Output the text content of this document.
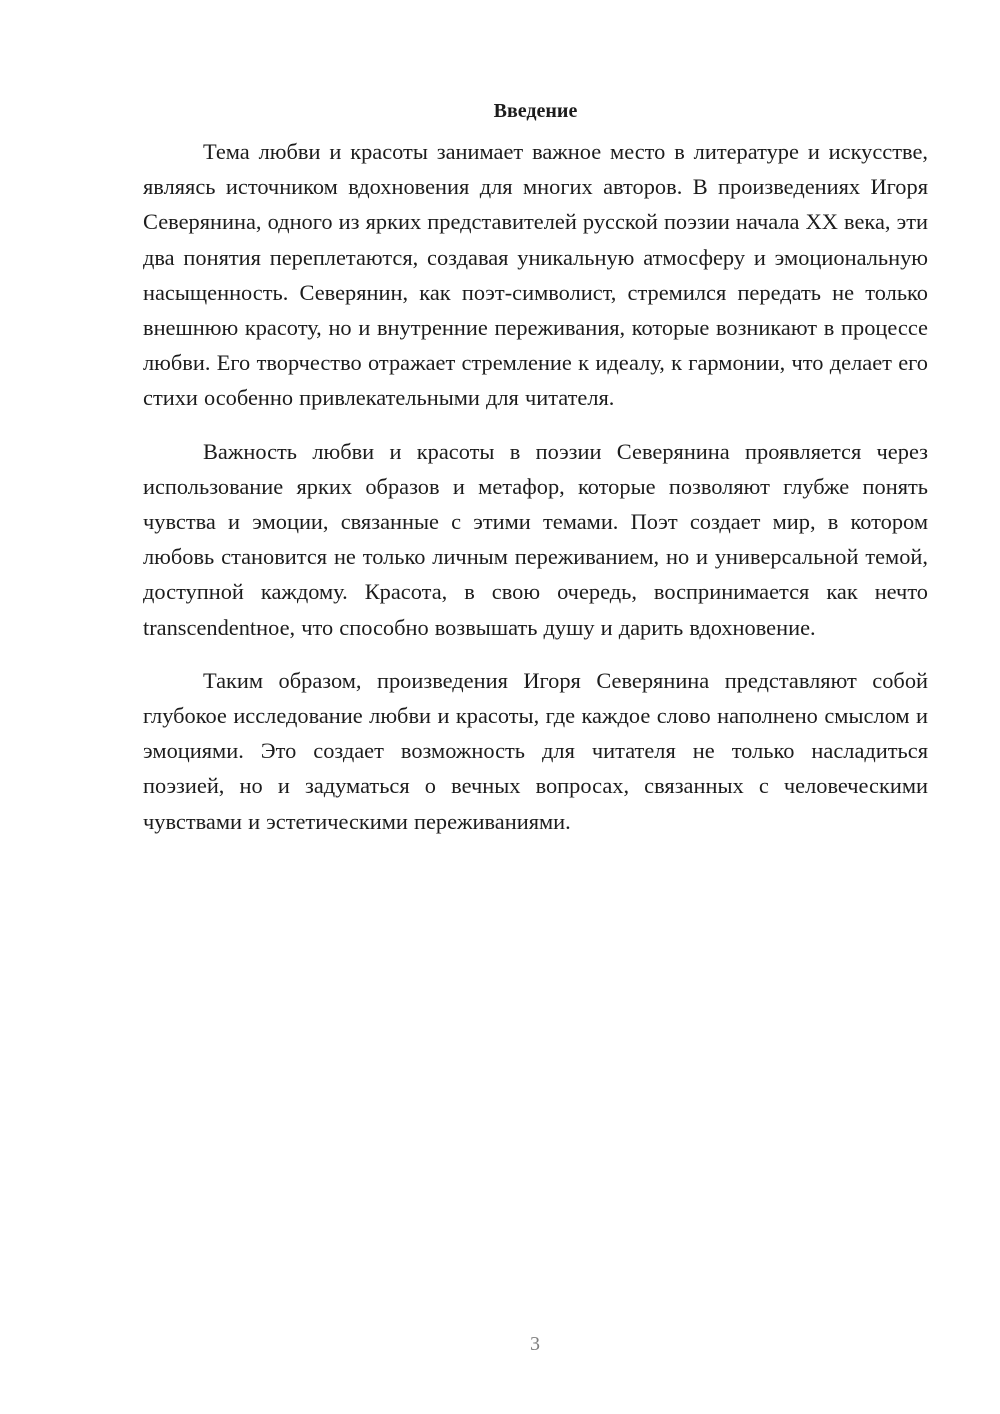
Введение

Тема любви и красоты занимает важное место в литературе и искусстве, являясь источником вдохновения для многих авторов. В произведениях Игоря Северянина, одного из ярких представителей русской поэзии начала XX века, эти два понятия переплетаются, создавая уникальную атмосферу и эмоциональную насыщенность. Северянин, как поэт-символист, стремился передать не только внешнюю красоту, но и внутренние переживания, которые возникают в процессе любви. Его творчество отражает стремление к идеалу, к гармонии, что делает его стихи особенно привлекательными для читателя.

Важность любви и красоты в поэзии Северянина проявляется через использование ярких образов и метафор, которые позволяют глубже понять чувства и эмоции, связанные с этими темами. Поэт создает мир, в котором любовь становится не только личным переживанием, но и универсальной темой, доступной каждому. Красота, в свою очередь, воспринимается как нечто transcendentное, что способно возвышать душу и дарить вдохновение.

Таким образом, произведения Игоря Северянина представляют собой глубокое исследование любви и красоты, где каждое слово наполнено смыслом и эмоциями. Это создает возможность для читателя не только насладиться поэзией, но и задуматься о вечных вопросах, связанных с человеческими чувствами и эстетическими переживаниями.

3
